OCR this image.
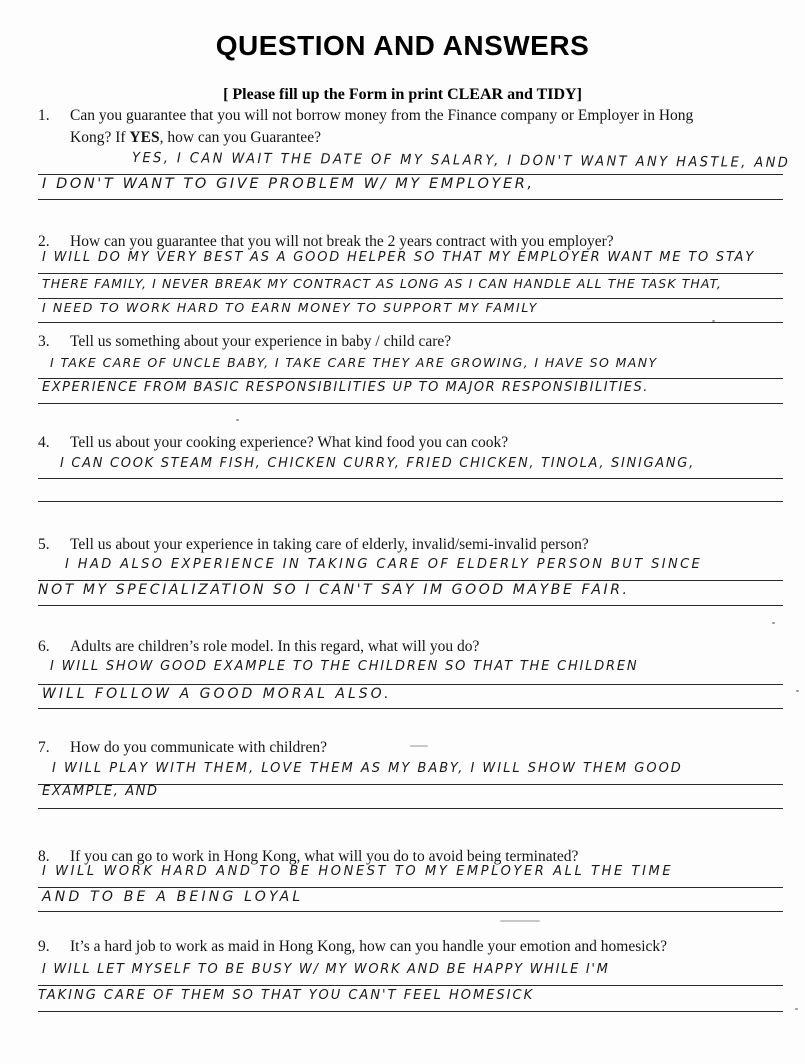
QUESTION AND ANSWERS
[ Please fill up the Form in print CLEAR and TIDY]
1. Can you guarantee that you will not borrow money from the Finance company or Employer in Hong
Kong? If YES, how can you Guarantee?
YES, I CAN WAIT THE DATE OF MY SALARY, I DON'T WANT ANY HASTLE, AND
I DON'T WANT TO GIVE PROBLEM W/ MY EMPLOYER,
2. How can you guarantee that you will not break the 2 years contract with you employer?
I WILL DO MY VERY BEST AS A GOOD HELPER SO THAT MY EMPLOYER WANT ME TO STAY
THERE FAMILY, I NEVER BREAK MY CONTRACT AS LONG AS I CAN HANDLE ALL THE TASK THAT,
I NEED TO WORK HARD TO EARN MONEY TO SUPPORT MY FAMILY
3. Tell us something about your experience in baby / child care?
I TAKE CARE OF UNCLE BABY, I TAKE CARE THEY ARE GROWING, I HAVE SO MANY
EXPERIENCE FROM BASIC RESPONSIBILITIES UP TO MAJOR RESPONSIBILITIES.
4. Tell us about your cooking experience? What kind food you can cook?
I CAN COOK STEAM FISH, CHICKEN CURRY, FRIED CHICKEN, TINOLA, SINIGANG,
5. Tell us about your experience in taking care of elderly, invalid/semi-invalid person?
I HAD ALSO EXPERIENCE IN TAKING CARE OF ELDERLY PERSON BUT SINCE
NOT MY SPECIALIZATION SO I CAN'T SAY IM GOOD MAYBE FAIR.
6. Adults are children’s role model. In this regard, what will you do?
I WILL SHOW GOOD EXAMPLE TO THE CHILDREN SO THAT THE CHILDREN
WILL FOLLOW A GOOD MORAL ALSO.
7. How do you communicate with children?
I WILL PLAY WITH THEM, LOVE THEM AS MY BABY, I WILL SHOW THEM GOOD
EXAMPLE, AND
8. If you can go to work in Hong Kong, what will you do to avoid being terminated?
I WILL WORK HARD AND TO BE HONEST TO MY EMPLOYER ALL THE TIME
AND TO BE A BEING LOYAL
9. It’s a hard job to work as maid in Hong Kong, how can you handle your emotion and homesick?
I WILL LET MYSELF TO BE BUSY W/ MY WORK AND BE HAPPY WHILE I'M
TAKING CARE OF THEM SO THAT YOU CAN'T FEEL HOMESICK
